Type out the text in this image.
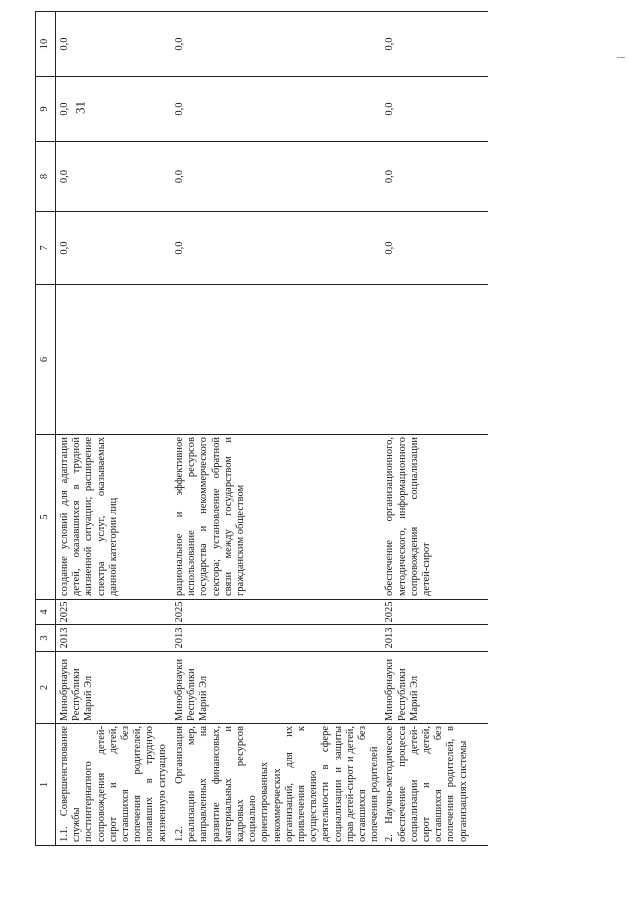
31
1	2	3	4	5	6	7	8	9	10
1.1. Совершенствование службы постинтернатного сопровождения детей-сирот и детей, оставшихся без попечения родителей, попавших в трудную жизненную ситуацию	Минобрнауки Республики Марий Эл	2013	2025	создание условий для адаптации детей, оказавшихся в трудной жизненной ситуации; расширение спектра услуг, оказываемых данной категории лиц		0,0	0,0	0,0	0,0
1.2. Организация реализации мер, направленных на развитие финансовых, материальных и кадровых ресурсов социально ориентированных некоммерческих организаций, для их привлечения к осуществлению деятельности в сфере социализации и защиты прав детей-сирот и детей, оставшихся без попечения родителей	Минобрнауки Республики Марий Эл	2013	2025	рациональное и эффективное использование ресурсов государства и некоммерческого сектора; установление обратной связи между государством и гражданским обществом		0,0	0,0	0,0	0,0
2. Научно-методическое обеспечение процесса социализации детей-сирот и детей, оставшихся без попечения родителей, в организациях системы	Минобрнауки Республики Марий Эл	2013	2025	обеспечение организационного, методического, информационного сопровождения социализации детей-сирот		0,0	0,0	0,0	0,0
